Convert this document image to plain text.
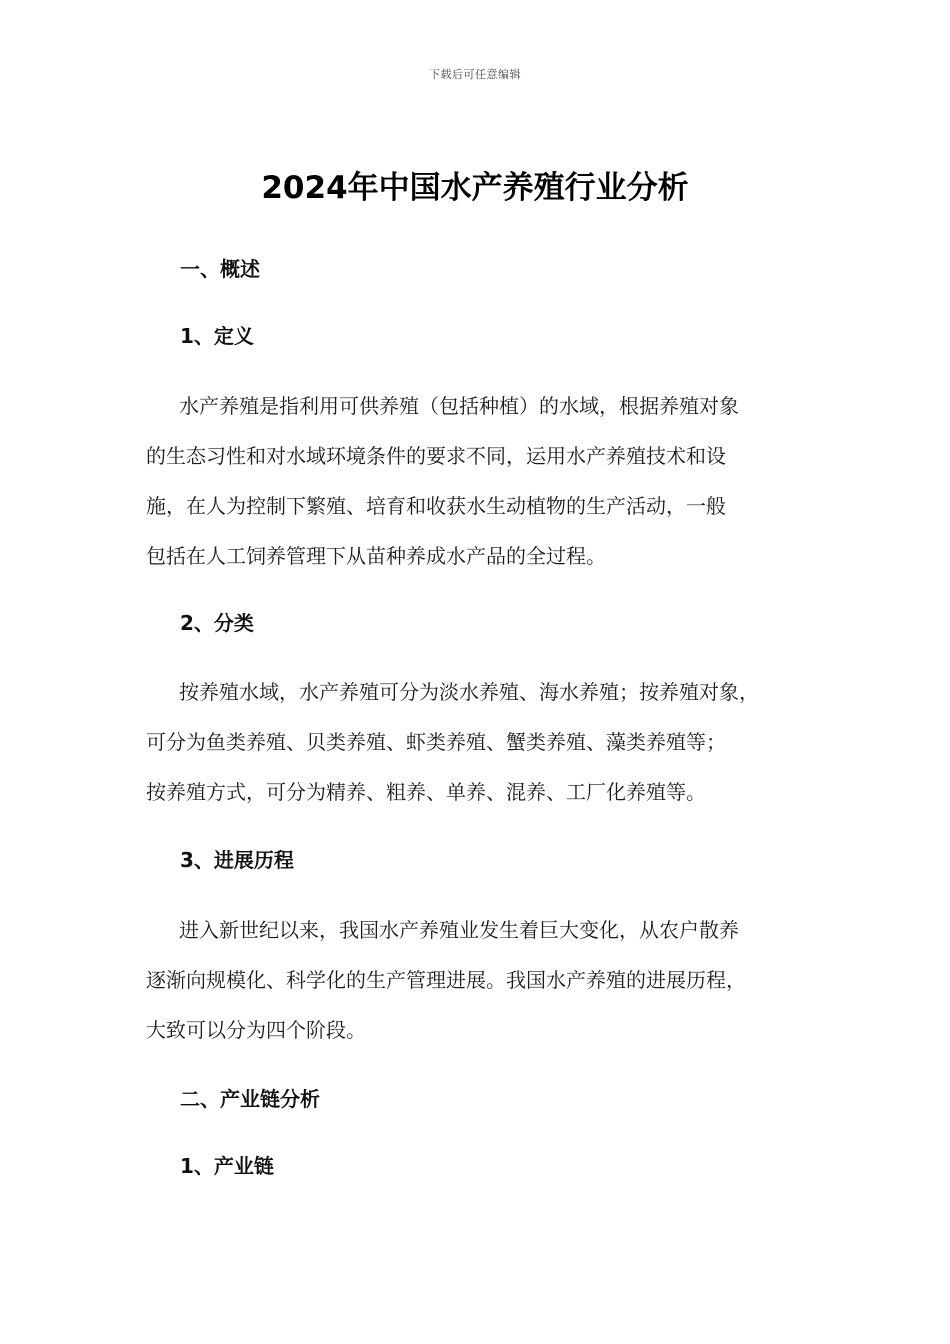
下载后可任意编辑
2024年中国水产养殖行业分析
一、概述
1、定义
水产养殖是指利用可供养殖（包括种植）的水域，根据养殖对象
的生态习性和对水域环境条件的要求不同，运用水产养殖技术和设
施，在人为控制下繁殖、培育和收获水生动植物的生产活动，一般
包括在人工饲养管理下从苗种养成水产品的全过程。
2、分类
按养殖水域，水产养殖可分为淡水养殖、海水养殖；按养殖对象，
可分为鱼类养殖、贝类养殖、虾类养殖、蟹类养殖、藻类养殖等；
按养殖方式，可分为精养、粗养、单养、混养、工厂化养殖等。
3、进展历程
进入新世纪以来，我国水产养殖业发生着巨大变化，从农户散养
逐渐向规模化、科学化的生产管理进展。我国水产养殖的进展历程，
大致可以分为四个阶段。
二、产业链分析
1、产业链
